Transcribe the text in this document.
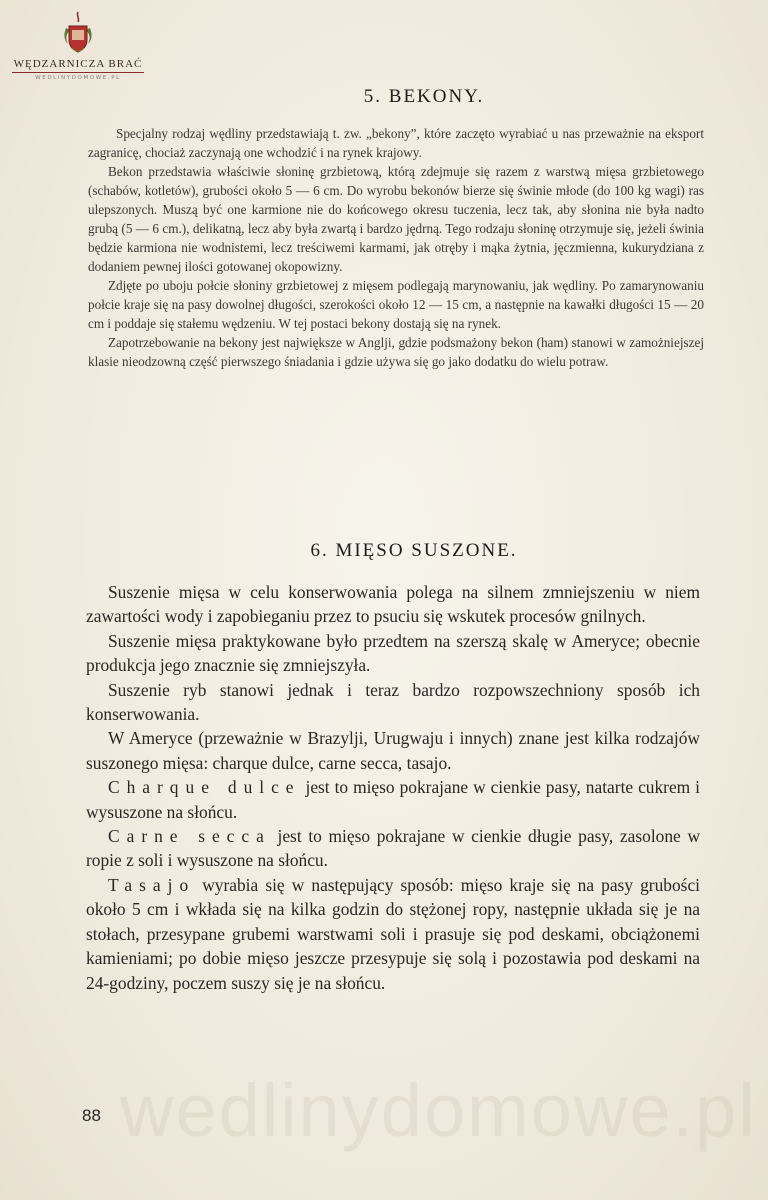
wedlinydomowe.pl
WĘDZARNICZA BRAĆ
WEDLINYDOMOWE.PL
5. BEKONY.

Specjalny rodzaj wędliny przedstawiają t. zw. „bekony”, które zaczęto wyrabiać u nas przeważnie na eksport zagranicę, chociaż zaczynają one wchodzić i na rynek krajowy.

Bekon przedstawia właściwie słoninę grzbietową, którą zdejmuje się razem z warstwą mięsa grzbietowego (schabów, kotletów), grubości około 5 — 6 cm. Do wyrobu bekonów bierze się świnie młode (do 100 kg wagi) ras ulepszonych. Muszą być one karmione nie do końcowego okresu tuczenia, lecz tak, aby słonina nie była nadto grubą (5 — 6 cm.), delikatną, lecz aby była zwartą i bardzo jędrną. Tego rodzaju słoninę otrzymuje się, jeżeli świnia będzie karmiona nie wodnistemi, lecz treściwemi karmami, jak otręby i mąka żytnia, jęczmienna, kukurydziana z dodaniem pewnej ilości gotowanej okopowizny.

Zdjęte po uboju połcie słoniny grzbietowej z mięsem podlegają marynowaniu, jak wędliny. Po zamarynowaniu połcie kraje się na pasy dowolnej długości, szerokości około 12 — 15 cm, a następnie na kawałki długości 15 — 20 cm i poddaje się stałemu wędzeniu. W tej postaci bekony dostają się na rynek.

Zapotrzebowanie na bekony jest największe w Anglji, gdzie podsmażony bekon (ham) stanowi w zamożniejszej klasie nieodzowną część pierwszego śniadania i gdzie używa się go jako dodatku do wielu potraw.

6. MIĘSO SUSZONE.

Suszenie mięsa w celu konserwowania polega na silnem zmniejszeniu w niem zawartości wody i zapobieganiu przez to psuciu się wskutek procesów gnilnych.

Suszenie mięsa praktykowane było przedtem na szerszą skalę w Ameryce; obecnie produkcja jego znacznie się zmniejszyła.

Suszenie ryb stanowi jednak i teraz bardzo rozpowszechniony sposób ich konserwowania.

W Ameryce (przeważnie w Brazylji, Urugwaju i innych) znane jest kilka rodzajów suszonego mięsa: charque dulce, carne secca, tasajo.

Charque dulce jest to mięso pokrajane w cienkie pasy, natarte cukrem i wysuszone na słońcu.

Carne secca jest to mięso pokrajane w cienkie długie pasy, zasolone w ropie z soli i wysuszone na słońcu.

Tasajo wyrabia się w następujący sposób: mięso kraje się na pasy grubości około 5 cm i wkłada się na kilka godzin do stężonej ropy, następnie układa się je na stołach, przesypane grubemi warstwami soli i prasuje się pod deskami, obciążonemi kamieniami; po dobie mięso jeszcze przesypuje się solą i pozostawia pod deskami na 24-godziny, poczem suszy się je na słońcu.

88
